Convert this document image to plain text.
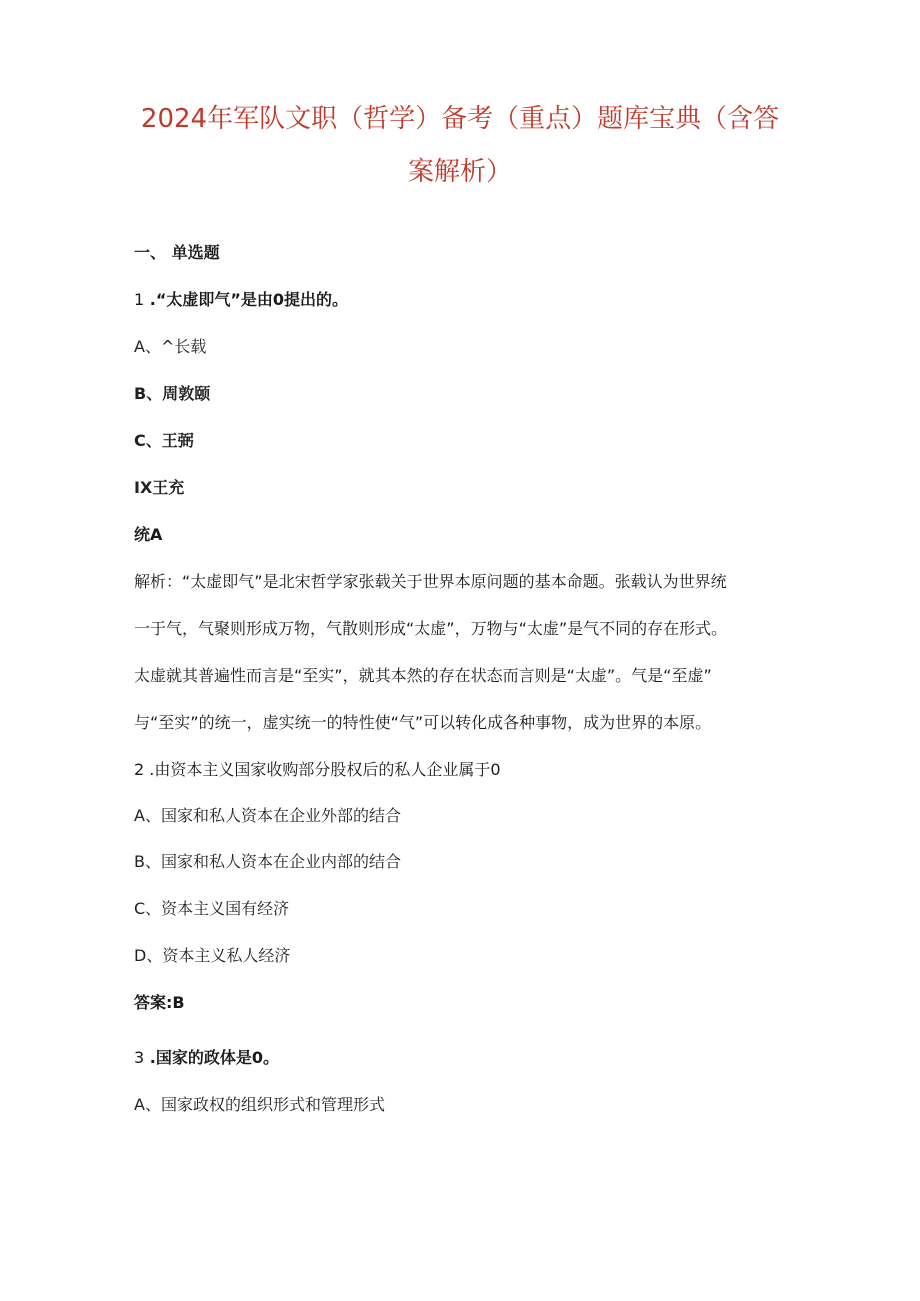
2024年军队文职（哲学）备考（重点）题库宝典（含答
案解析）
一、 单选题
1 .“太虚即气”是由0提出的。
A、^长载
B、周敦颐
C、王弼
IX王充
统A
解析：“太虚即气”是北宋哲学家张载关于世界本原问题的基本命题。张载认为世界统
一于气，气聚则形成万物，气散则形成“太虚”，万物与“太虚”是气不同的存在形式。
太虚就其普遍性而言是“至实”，就其本然的存在状态而言则是“太虚”。气是“至虚”
与“至实”的统一，虚实统一的特性使“气”可以转化成各种事物，成为世界的本原。
2 .由资本主义国家收购部分股权后的私人企业属于0
A、国家和私人资本在企业外部的结合
B、国家和私人资本在企业内部的结合
C、资本主义国有经济
D、资本主义私人经济
答案:B
3 .国家的政体是0。
A、国家政权的组织形式和管理形式
